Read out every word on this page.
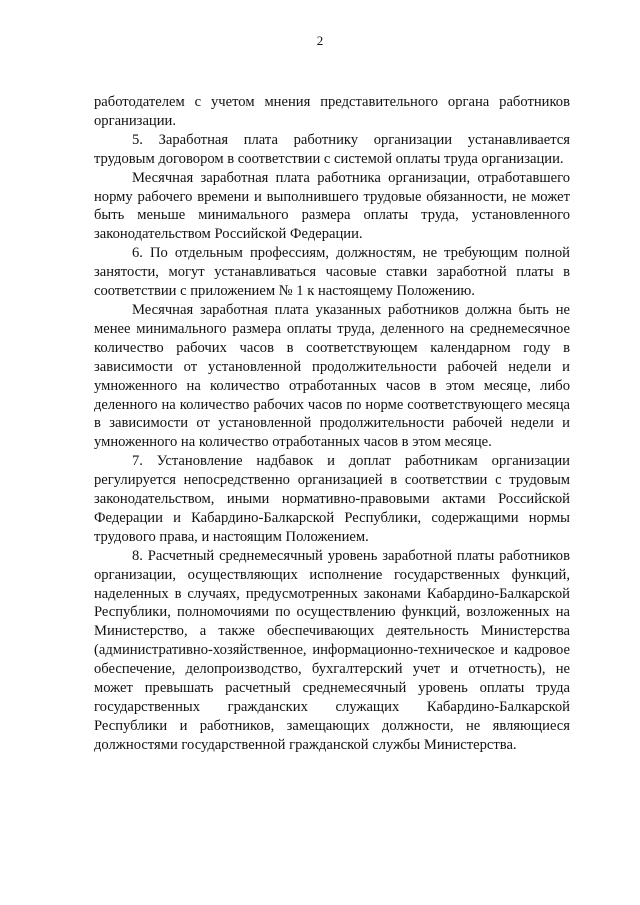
2

работодателем с учетом мнения представительного органа работников организации.

5. Заработная плата работнику организации устанавливается трудовым договором в соответствии с системой оплаты труда организации.

Месячная заработная плата работника организации, отработавшего норму рабочего времени и выполнившего трудовые обязанности, не может быть меньше минимального размера оплаты труда, установленного законодательством Российской Федерации.

6. По отдельным профессиям, должностям, не требующим полной занятости, могут устанавливаться часовые ставки заработной платы в соответствии с приложением № 1 к настоящему Положению.

Месячная заработная плата указанных работников должна быть не менее минимального размера оплаты труда, деленного на среднемесячное количество рабочих часов в соответствующем календарном году в зависимости от установленной продолжительности рабочей недели и умноженного на количество отработанных часов в этом месяце, либо деленного на количество рабочих часов по норме соответствующего месяца в зависимости от установленной продолжительности рабочей недели и умноженного на количество отработанных часов в этом месяце.

7. Установление надбавок и доплат работникам организации регулируется непосредственно организацией в соответствии с трудовым законодательством, иными нормативно-правовыми актами Российской Федерации и Кабардино-Балкарской Республики, содержащими нормы трудового права, и настоящим Положением.

8. Расчетный среднемесячный уровень заработной платы работников организации, осуществляющих исполнение государственных функций, наделенных в случаях, предусмотренных законами Кабардино-Балкарской Республики, полномочиями по осуществлению функций, возложенных на Министерство, а также обеспечивающих деятельность Министерства (административно-хозяйственное, информационно-техническое и кадровое обеспечение, делопроизводство, бухгалтерский учет и отчетность), не может превышать расчетный среднемесячный уровень оплаты труда государственных гражданских служащих Кабардино-Балкарской Республики и работников, замещающих должности, не являющиеся должностями государственной гражданской службы Министерства.
